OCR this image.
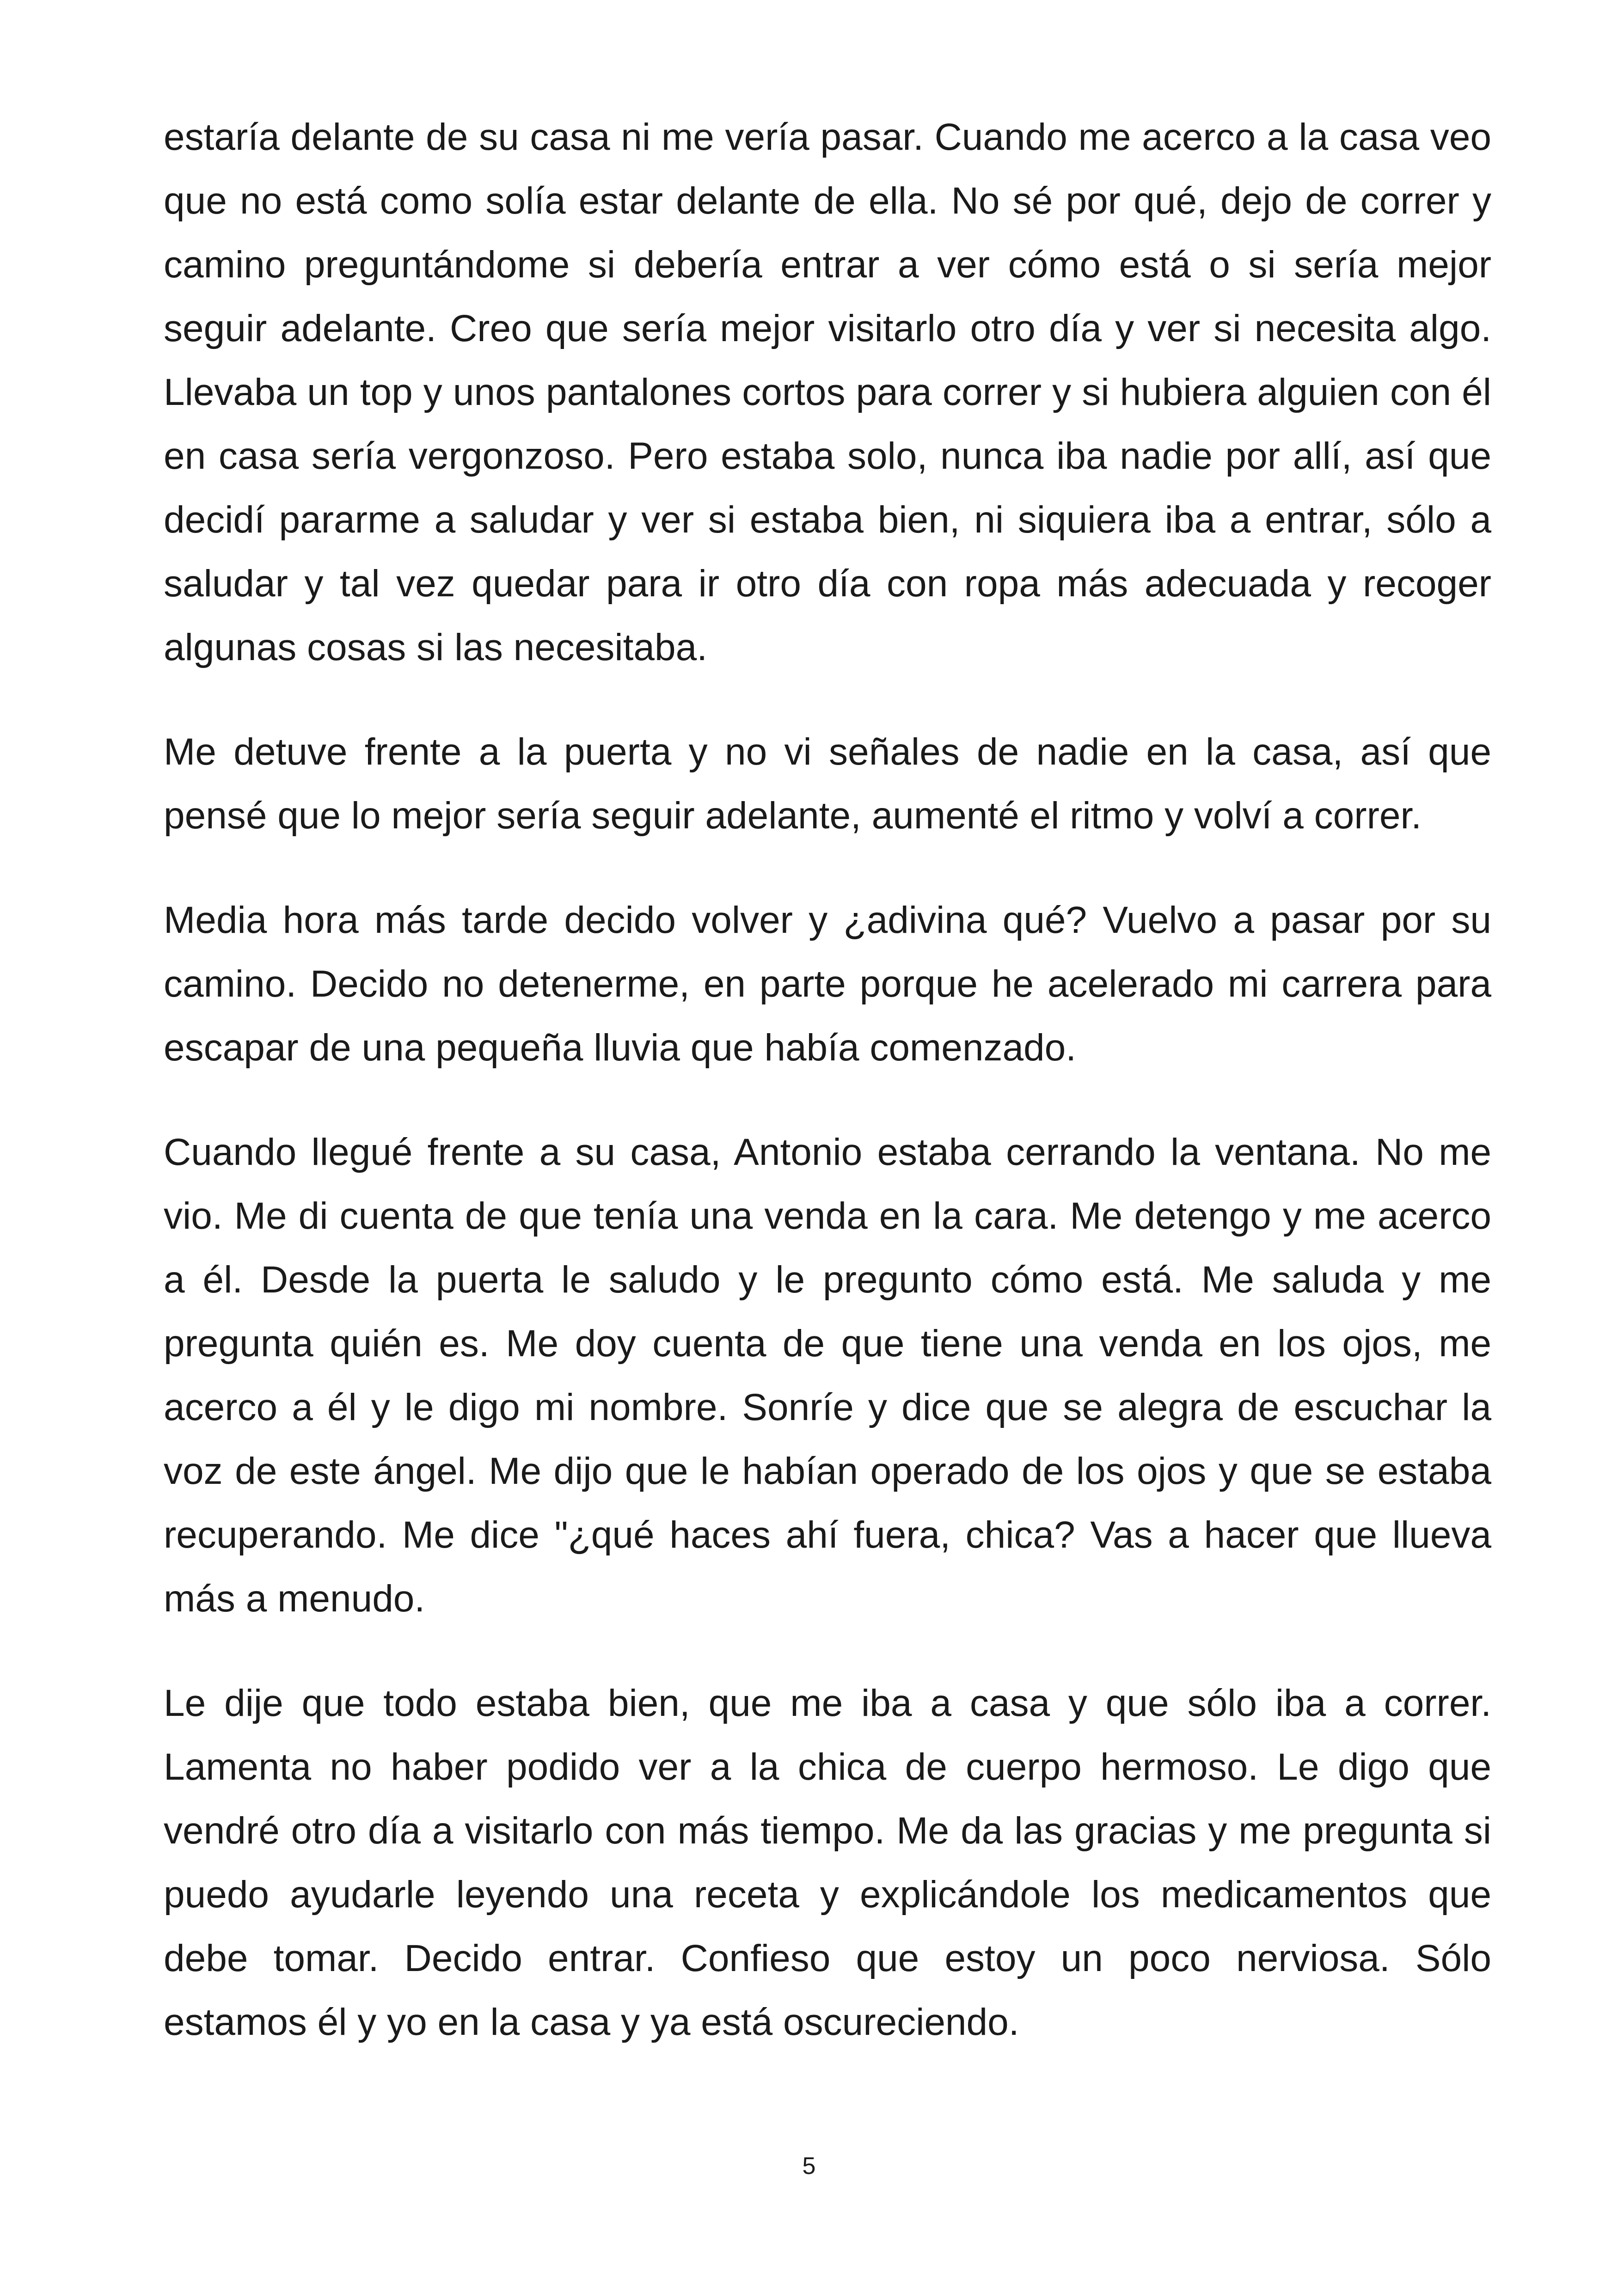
estaría delante de su casa ni me vería pasar. Cuando me acerco a la casa veo que no está como solía estar delante de ella. No sé por qué, dejo de correr y camino preguntándome si debería entrar a ver cómo está o si sería mejor seguir adelante. Creo que sería mejor visitarlo otro día y ver si necesita algo. Llevaba un top y unos pantalones cortos para correr y si hubiera alguien con él en casa sería vergonzoso. Pero estaba solo, nunca iba nadie por allí, así que decidí pararme a saludar y ver si estaba bien, ni siquiera iba a entrar, sólo a saludar y tal vez quedar para ir otro día con ropa más adecuada y recoger algunas cosas si las necesitaba.

Me detuve frente a la puerta y no vi señales de nadie en la casa, así que pensé que lo mejor sería seguir adelante, aumenté el ritmo y volví a correr.

Media hora más tarde decido volver y ¿adivina qué? Vuelvo a pasar por su camino. Decido no detenerme, en parte porque he acelerado mi carrera para escapar de una pequeña lluvia que había comenzado.

Cuando llegué frente a su casa, Antonio estaba cerrando la ventana. No me vio. Me di cuenta de que tenía una venda en la cara. Me detengo y me acerco a él. Desde la puerta le saludo y le pregunto cómo está. Me saluda y me pregunta quién es. Me doy cuenta de que tiene una venda en los ojos, me acerco a él y le digo mi nombre. Sonríe y dice que se alegra de escuchar la voz de este ángel. Me dijo que le habían operado de los ojos y que se estaba recuperando. Me dice "¿qué haces ahí fuera, chica? Vas a hacer que llueva más a menudo.

Le dije que todo estaba bien, que me iba a casa y que sólo iba a correr. Lamenta no haber podido ver a la chica de cuerpo hermoso. Le digo que vendré otro día a visitarlo con más tiempo. Me da las gracias y me pregunta si puedo ayudarle leyendo una receta y explicándole los medicamentos que debe tomar. Decido entrar. Confieso que estoy un poco nerviosa. Sólo estamos él y yo en la casa y ya está oscureciendo.

5
